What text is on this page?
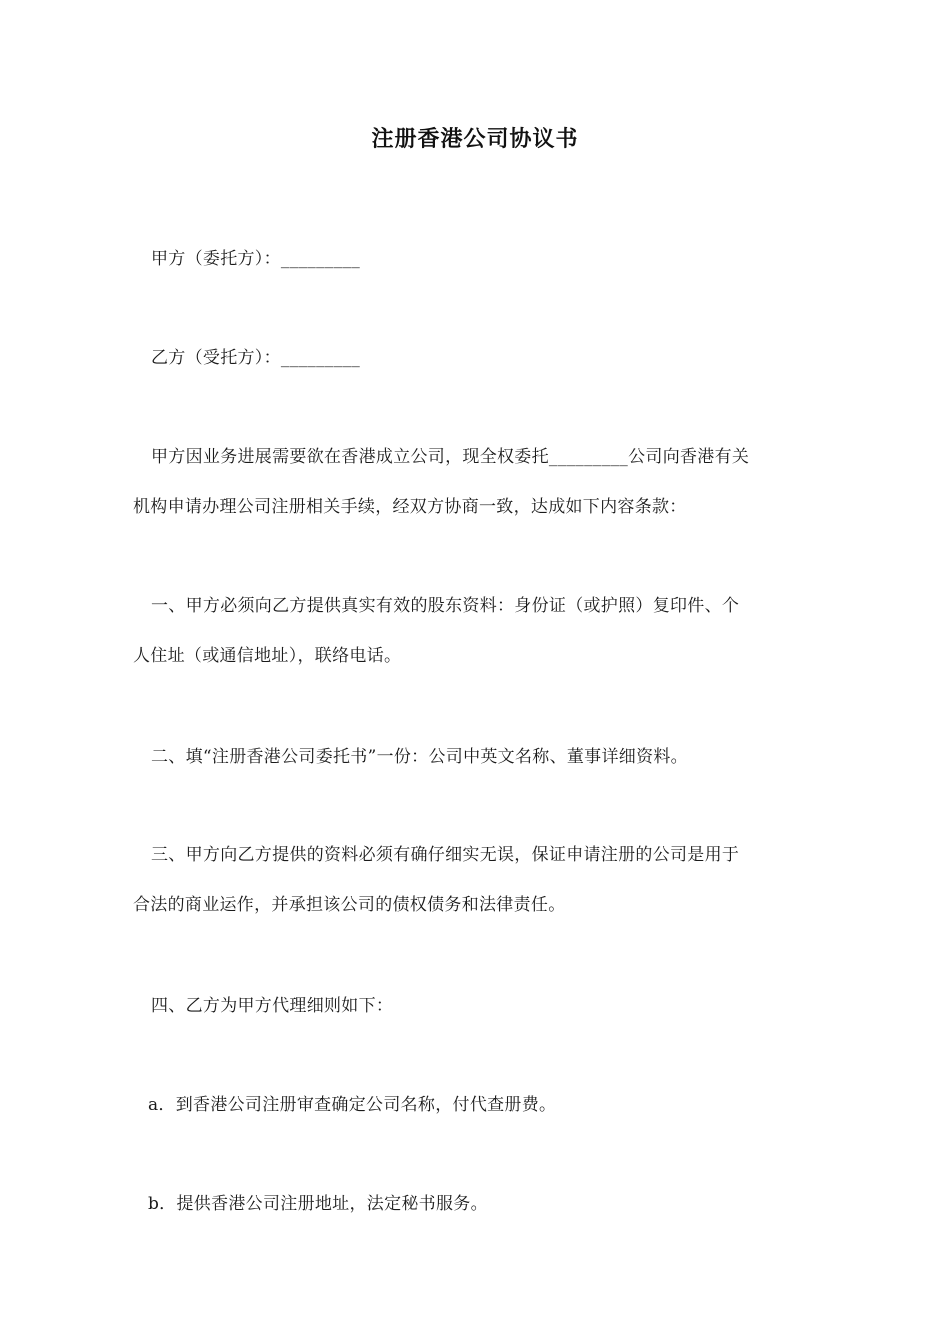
注册香港公司协议书
甲方（委托方）：_________
乙方（受托方）：_________
甲方因业务进展需要欲在香港成立公司，现全权委托_________公司向香港有关
机构申请办理公司注册相关手续，经双方协商一致，达成如下内容条款：
一、甲方必须向乙方提供真实有效的股东资料：身份证（或护照）复印件、个
人住址（或通信地址），联络电话。
二、填“注册香港公司委托书”一份：公司中英文名称、董事详细资料。
三、甲方向乙方提供的资料必须有确仔细实无误，保证申请注册的公司是用于
合法的商业运作，并承担该公司的债权债务和法律责任。
四、乙方为甲方代理细则如下：
a．到香港公司注册审查确定公司名称，付代查册费。
b．提供香港公司注册地址，法定秘书服务。
